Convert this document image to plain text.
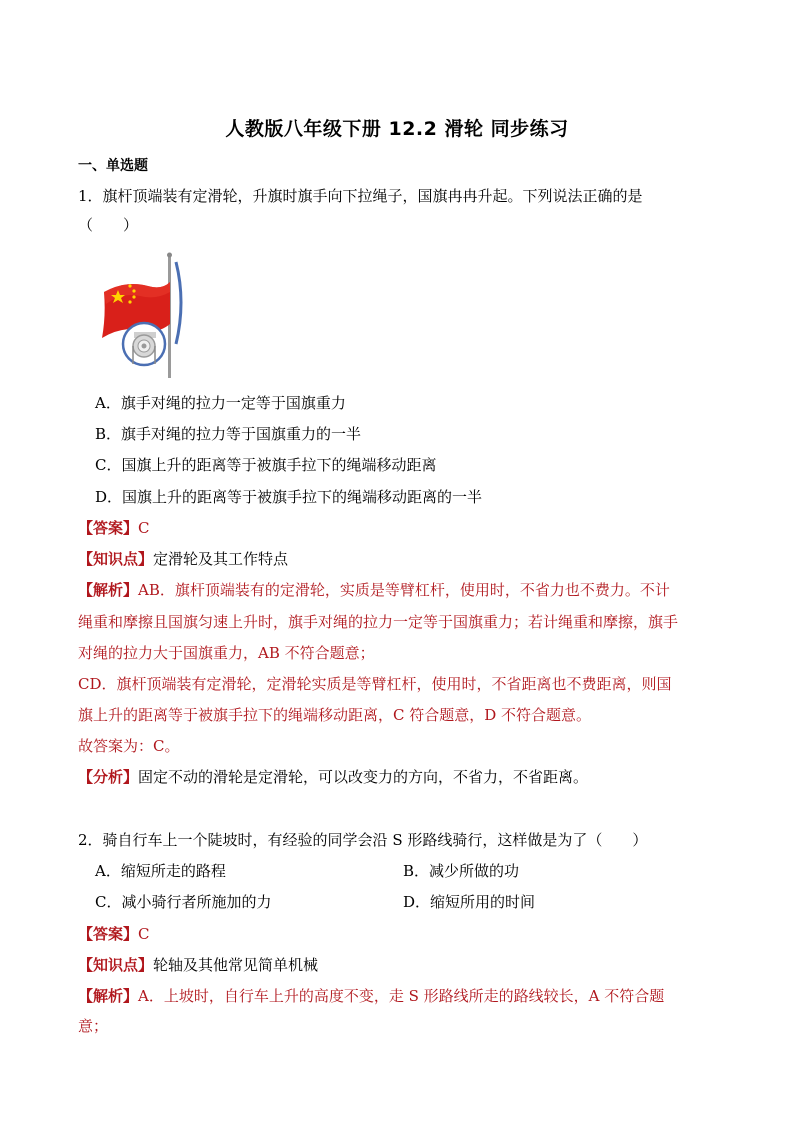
人教版八年级下册 12.2 滑轮 同步练习
一、单选题
1．旗杆顶端装有定滑轮，升旗时旗手向下拉绳子，国旗冉冉升起。下列说法正确的是
（　　）
A．旗手对绳的拉力一定等于国旗重力
B．旗手对绳的拉力等于国旗重力的一半
C．国旗上升的距离等于被旗手拉下的绳端移动距离
D．国旗上升的距离等于被旗手拉下的绳端移动距离的一半
【答案】C
【知识点】定滑轮及其工作特点
【解析】AB．旗杆顶端装有的定滑轮，实质是等臂杠杆，使用时，不省力也不费力。不计
绳重和摩擦且国旗匀速上升时，旗手对绳的拉力一定等于国旗重力；若计绳重和摩擦，旗手
对绳的拉力大于国旗重力，AB 不符合题意；
CD．旗杆顶端装有定滑轮，定滑轮实质是等臂杠杆，使用时，不省距离也不费距离，则国
旗上升的距离等于被旗手拉下的绳端移动距离，C 符合题意，D 不符合题意。
故答案为：C。
【分析】固定不动的滑轮是定滑轮，可以改变力的方向，不省力，不省距离。
2．骑自行车上一个陡坡时，有经验的同学会沿 S 形路线骑行，这样做是为了（　　）
A．缩短所走的路程	B．减少所做的功
C．减小骑行者所施加的力	D．缩短所用的时间
【答案】C
【知识点】轮轴及其他常见简单机械
【解析】A．上坡时，自行车上升的高度不变，走 S 形路线所走的路线较长，A 不符合题
意；
